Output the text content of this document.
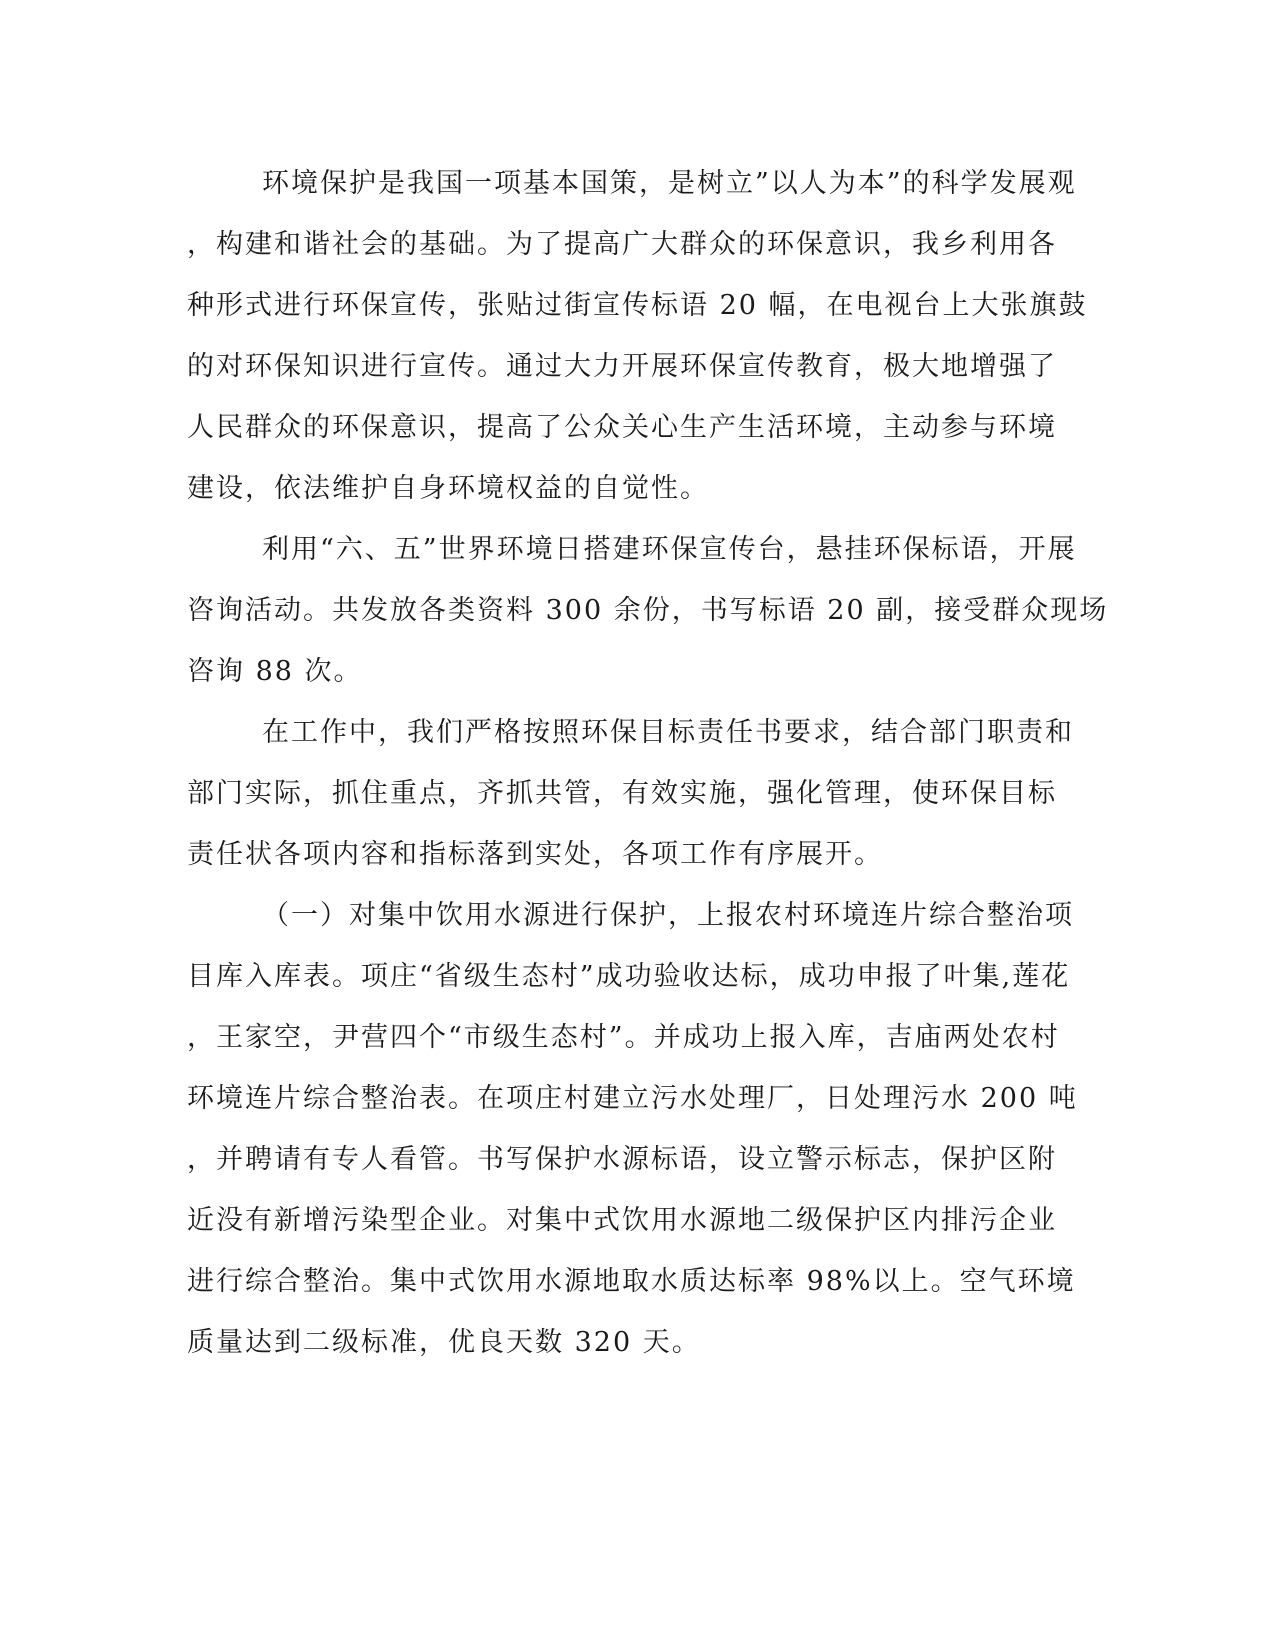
环境保护是我国一项基本国策，是树立”以人为本”的科学发展观
，构建和谐社会的基础。为了提高广大群众的环保意识，我乡利用各
种形式进行环保宣传，张贴过街宣传标语 20 幅，在电视台上大张旗鼓
的对环保知识进行宣传。通过大力开展环保宣传教育，极大地增强了
人民群众的环保意识，提高了公众关心生产生活环境，主动参与环境
建设，依法维护自身环境权益的自觉性。
利用“六、五”世界环境日搭建环保宣传台，悬挂环保标语，开展
咨询活动。共发放各类资料 300 余份，书写标语 20 副，接受群众现场
咨询 88 次。
在工作中，我们严格按照环保目标责任书要求，结合部门职责和
部门实际，抓住重点，齐抓共管，有效实施，强化管理，使环保目标
责任状各项内容和指标落到实处，各项工作有序展开。
（一）对集中饮用水源进行保护，上报农村环境连片综合整治项
目库入库表。项庄“省级生态村”成功验收达标，成功申报了叶集,莲花
，王家空，尹营四个“市级生态村”。并成功上报入库，吉庙两处农村
环境连片综合整治表。在项庄村建立污水处理厂，日处理污水 200 吨
，并聘请有专人看管。书写保护水源标语，设立警示标志，保护区附
近没有新增污染型企业。对集中式饮用水源地二级保护区内排污企业
进行综合整治。集中式饮用水源地取水质达标率 98%以上。空气环境
质量达到二级标准，优良天数 320 天。
